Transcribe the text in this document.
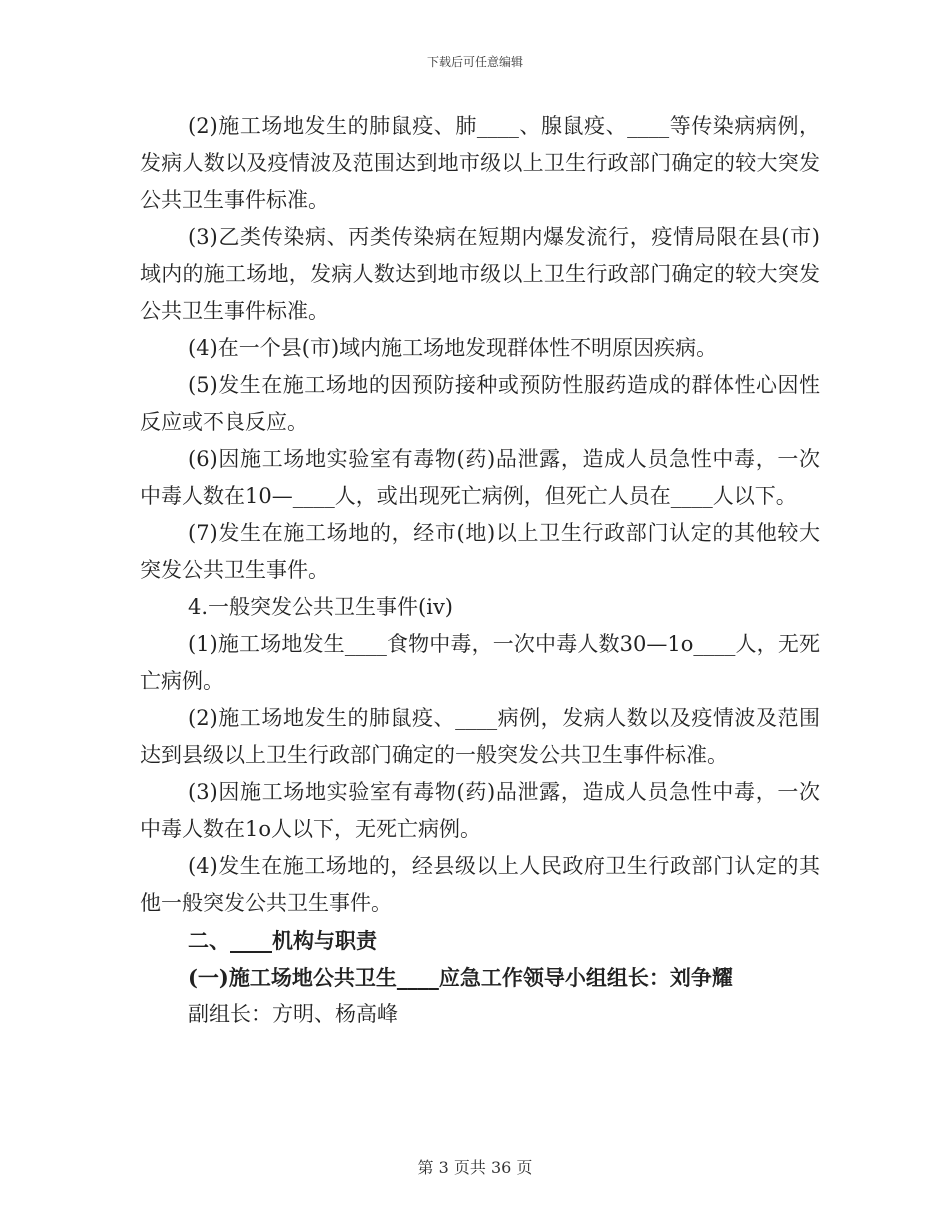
下载后可任意编辑

(2)施工场地发生的肺鼠疫、肺____、腺鼠疫、____等传染病病例，发病人数以及疫情波及范围达到地市级以上卫生行政部门确定的较大突发公共卫生事件标准。

(3)乙类传染病、丙类传染病在短期内爆发流行，疫情局限在县(市)域内的施工场地，发病人数达到地市级以上卫生行政部门确定的较大突发公共卫生事件标准。

(4)在一个县(市)域内施工场地发现群体性不明原因疾病。

(5)发生在施工场地的因预防接种或预防性服药造成的群体性心因性反应或不良反应。

(6)因施工场地实验室有毒物(药)品泄露，造成人员急性中毒，一次中毒人数在10—____人，或出现死亡病例，但死亡人员在____人以下。

(7)发生在施工场地的，经市(地)以上卫生行政部门认定的其他较大突发公共卫生事件。

4.一般突发公共卫生事件(iv)

(1)施工场地发生____食物中毒，一次中毒人数30—1o____人，无死亡病例。

(2)施工场地发生的肺鼠疫、____病例，发病人数以及疫情波及范围达到县级以上卫生行政部门确定的一般突发公共卫生事件标准。

(3)因施工场地实验室有毒物(药)品泄露，造成人员急性中毒，一次中毒人数在1o人以下，无死亡病例。

(4)发生在施工场地的，经县级以上人民政府卫生行政部门认定的其他一般突发公共卫生事件。

二、____机构与职责

(一)施工场地公共卫生____应急工作领导小组组长：刘争耀

副组长：方明、杨高峰

第 3 页共 36 页
